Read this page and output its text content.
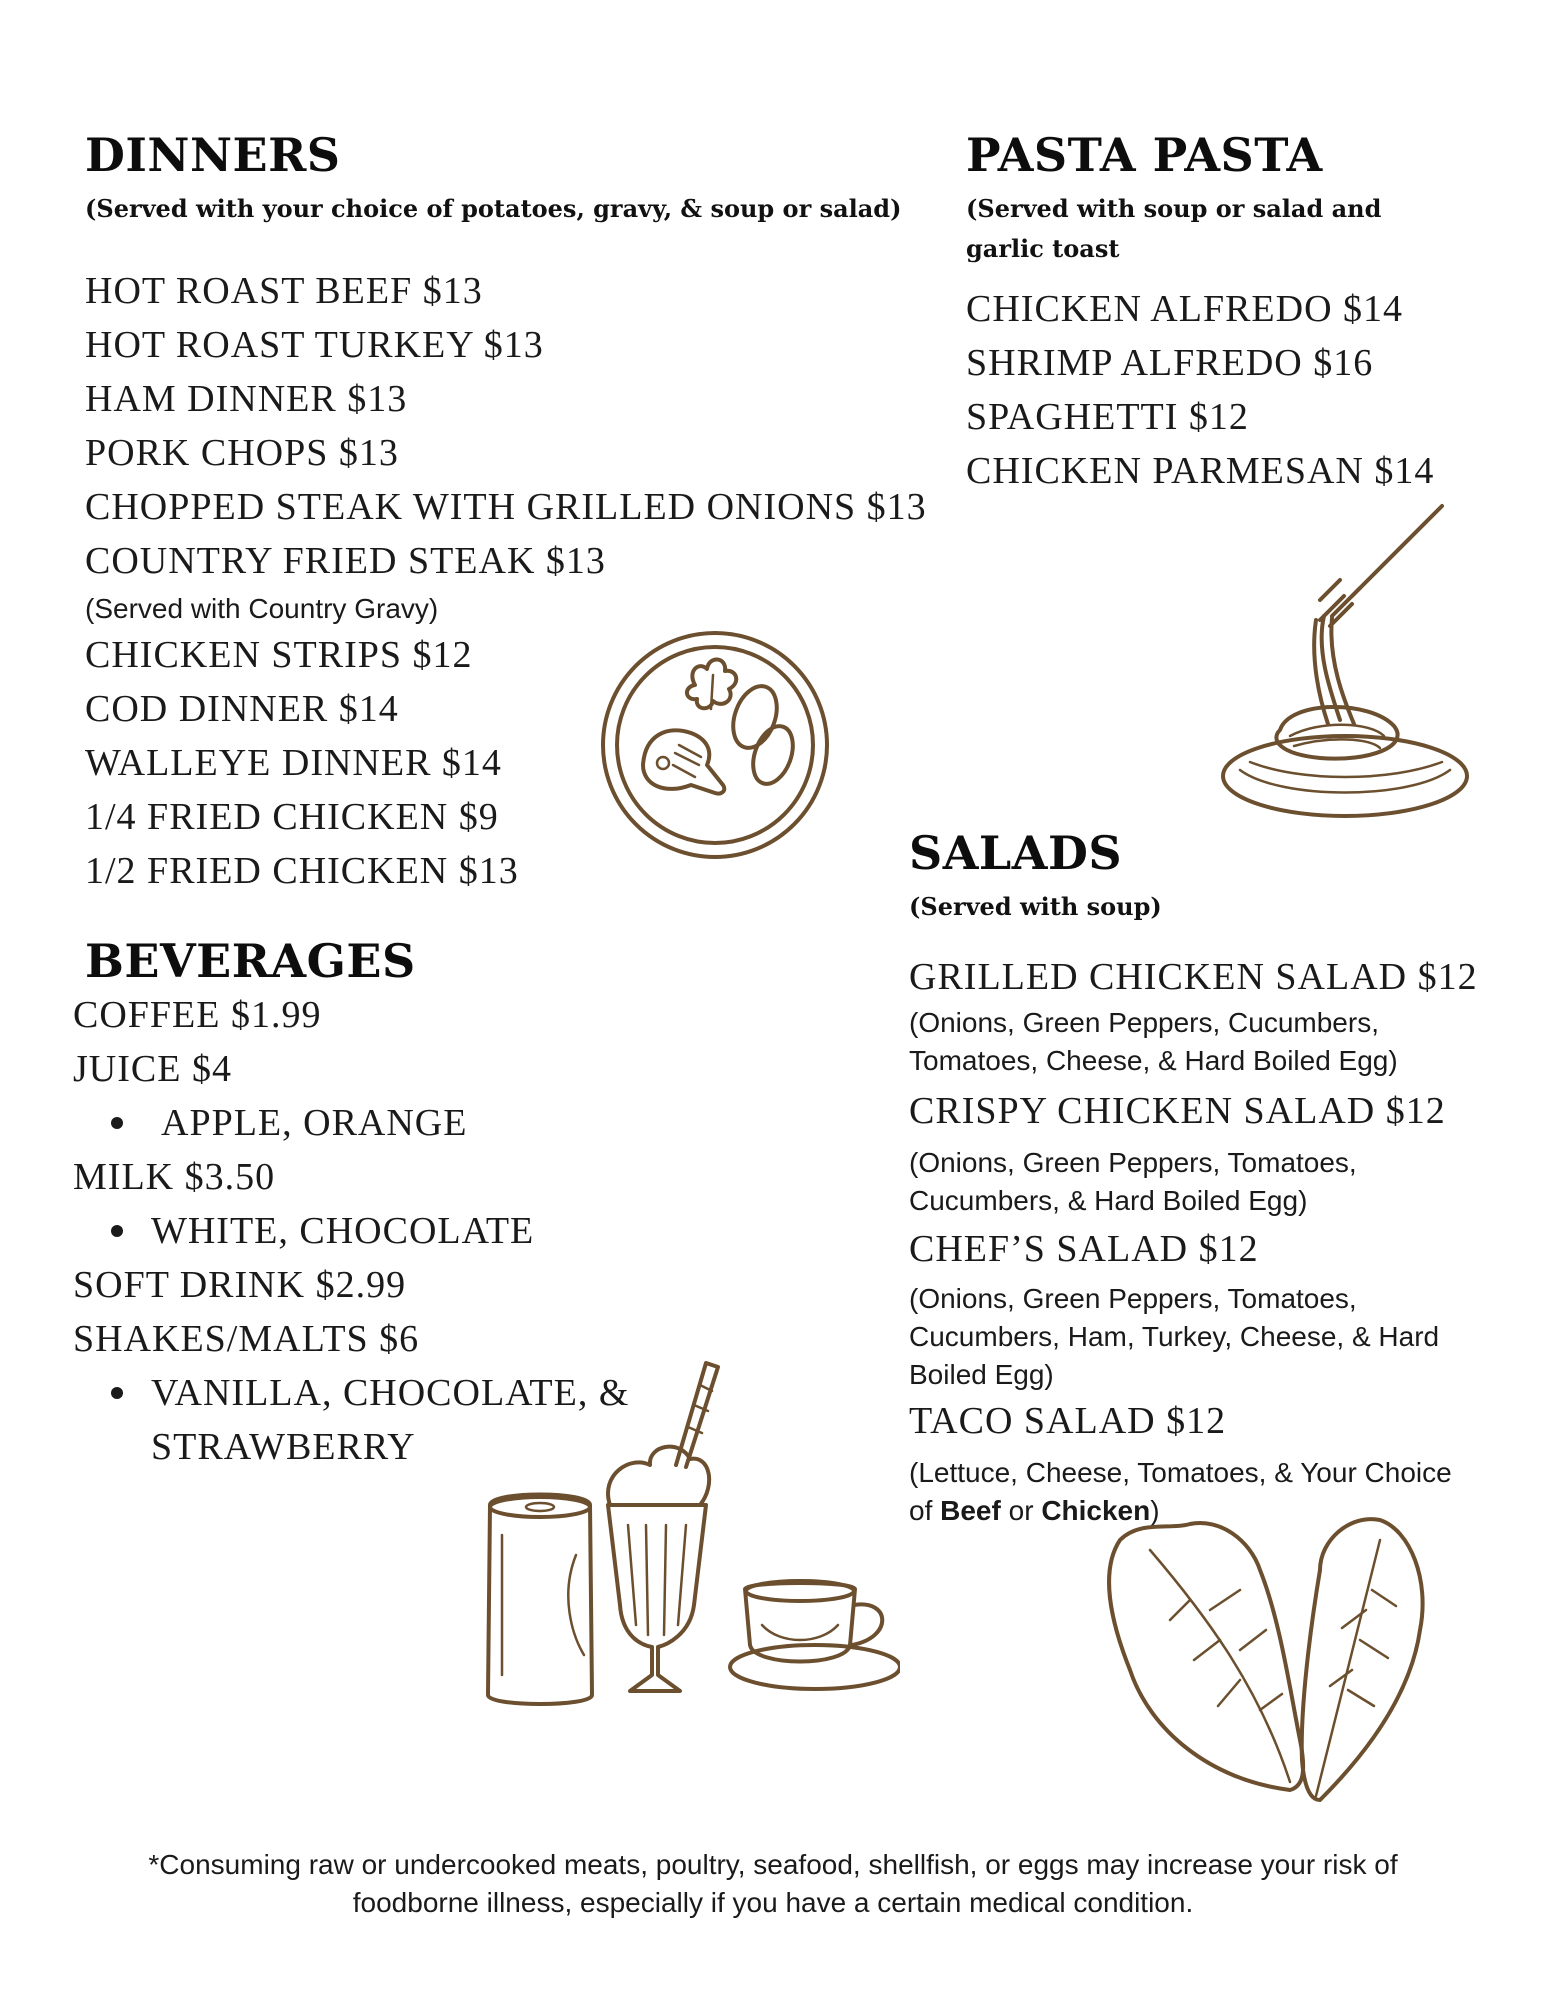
DINNERS
(Served with your choice of potatoes, gravy, & soup or salad)
HOT ROAST BEEF $13
HOT ROAST TURKEY $13
HAM DINNER $13
PORK CHOPS $13
CHOPPED STEAK WITH GRILLED ONIONS $13
COUNTRY FRIED STEAK $13
(Served with Country Gravy)
CHICKEN STRIPS $12
COD DINNER $14
WALLEYE DINNER $14
1/4 FRIED CHICKEN $9
1/2 FRIED CHICKEN $13
BEVERAGES
COFFEE $1.99
JUICE $4
APPLE, ORANGE
MILK $3.50
WHITE, CHOCOLATE
SOFT DRINK $2.99
SHAKES/MALTS $6
VANILLA, CHOCOLATE, &
STRAWBERRY
PASTA PASTA
(Served with soup or salad and
garlic toast
CHICKEN ALFREDO $14
SHRIMP ALFREDO $16
SPAGHETTI $12
CHICKEN PARMESAN $14
SALADS
(Served with soup)
GRILLED CHICKEN SALAD $12
(Onions, Green Peppers, Cucumbers, Tomatoes, Cheese, & Hard Boiled Egg)
CRISPY CHICKEN SALAD $12
(Onions, Green Peppers, Tomatoes, Cucumbers, & Hard Boiled Egg)
CHEF’S SALAD $12
(Onions, Green Peppers, Tomatoes, Cucumbers, Ham, Turkey, Cheese, & Hard Boiled Egg)
TACO SALAD $12
(Lettuce, Cheese, Tomatoes, & Your Choice of Beef or Chicken)
*Consuming raw or undercooked meats, poultry, seafood, shellfish, or eggs may increase your risk of
foodborne illness, especially if you have a certain medical condition.
